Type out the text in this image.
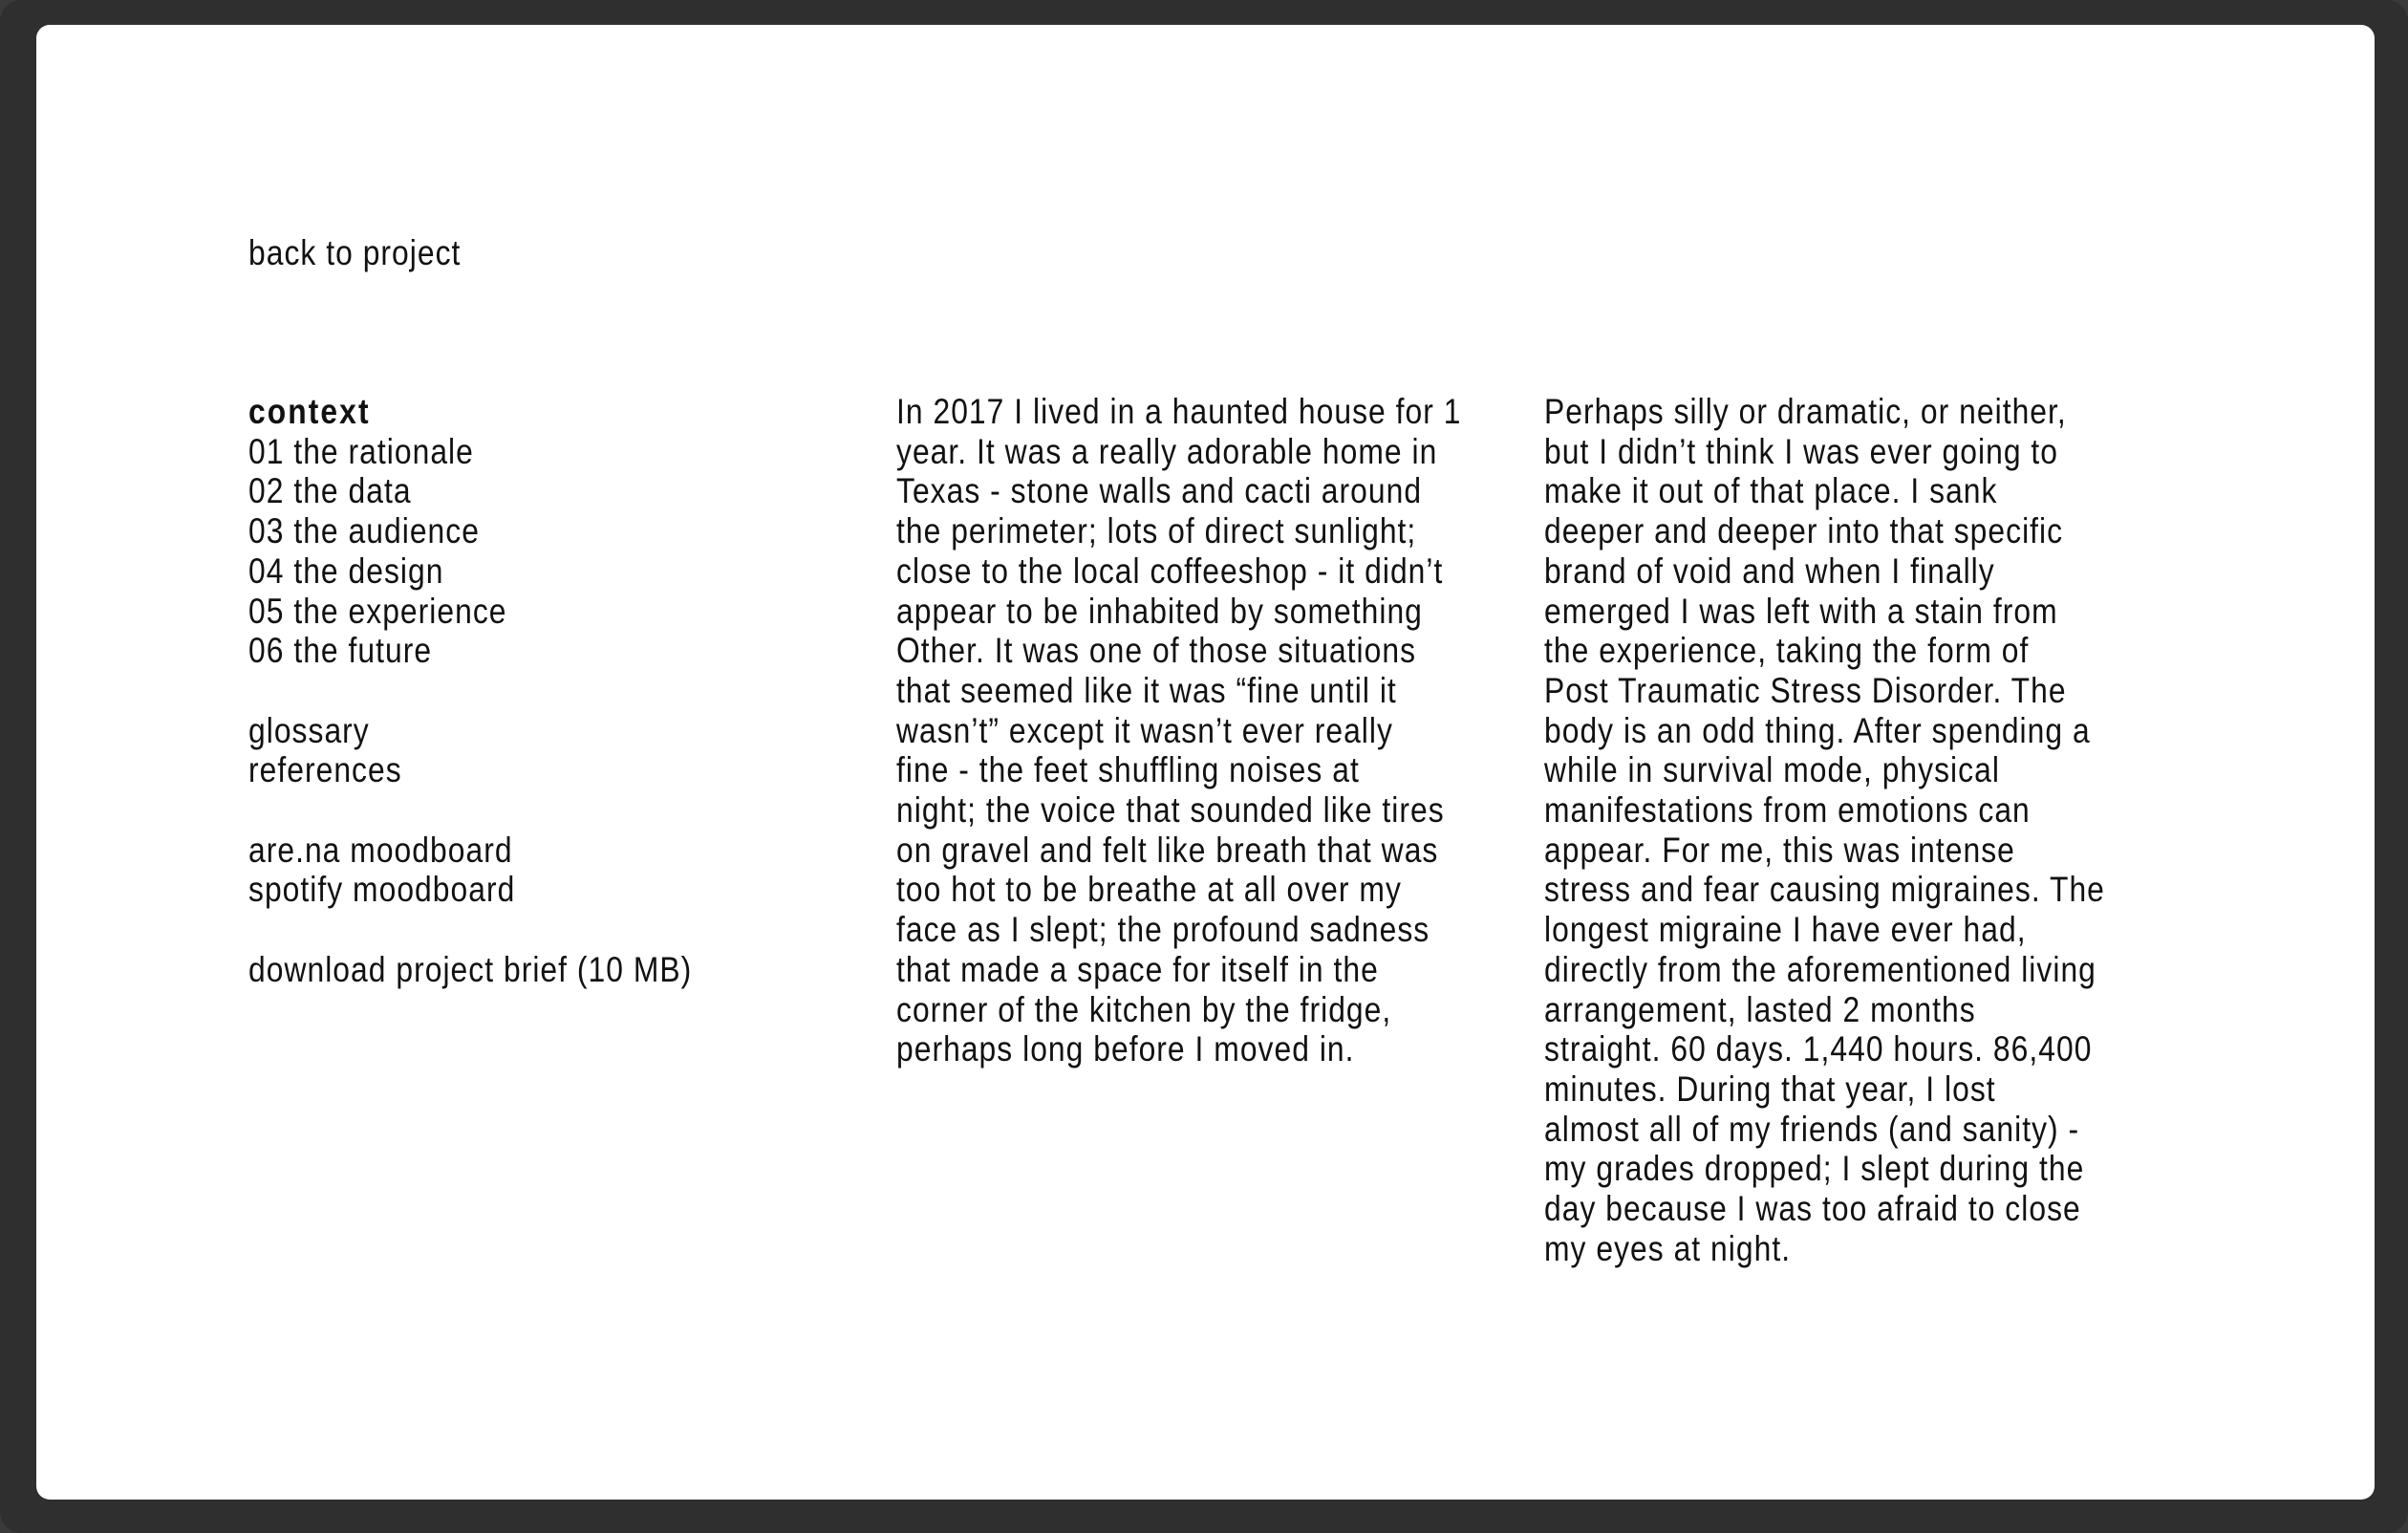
back to project
context
01 the rationale
02 the data
03 the audience
04 the design
05 the experience
06 the future
glossary
references
are.na moodboard
spotify moodboard
download project brief (10 MB)

In 2017 I lived in a haunted house for 1
year. It was a really adorable home in
Texas - stone walls and cacti around
the perimeter; lots of direct sunlight;
close to the local coffeeshop - it didn’t
appear to be inhabited by something
Other. It was one of those situations
that seemed like it was “fine until it
wasn’t” except it wasn’t ever really
fine - the feet shuffling noises at
night; the voice that sounded like tires
on gravel and felt like breath that was
too hot to be breathe at all over my
face as I slept; the profound sadness
that made a space for itself in the
corner of the kitchen by the fridge,
perhaps long before I moved in.

Perhaps silly or dramatic, or neither,
but I didn’t think I was ever going to
make it out of that place. I sank
deeper and deeper into that specific
brand of void and when I finally
emerged I was left with a stain from
the experience, taking the form of
Post Traumatic Stress Disorder. The
body is an odd thing. After spending a
while in survival mode, physical
manifestations from emotions can
appear. For me, this was intense
stress and fear causing migraines. The
longest migraine I have ever had,
directly from the aforementioned living
arrangement, lasted 2 months
straight. 60 days. 1,440 hours. 86,400
minutes. During that year, I lost
almost all of my friends (and sanity) -
my grades dropped; I slept during the
day because I was too afraid to close
my eyes at night.
